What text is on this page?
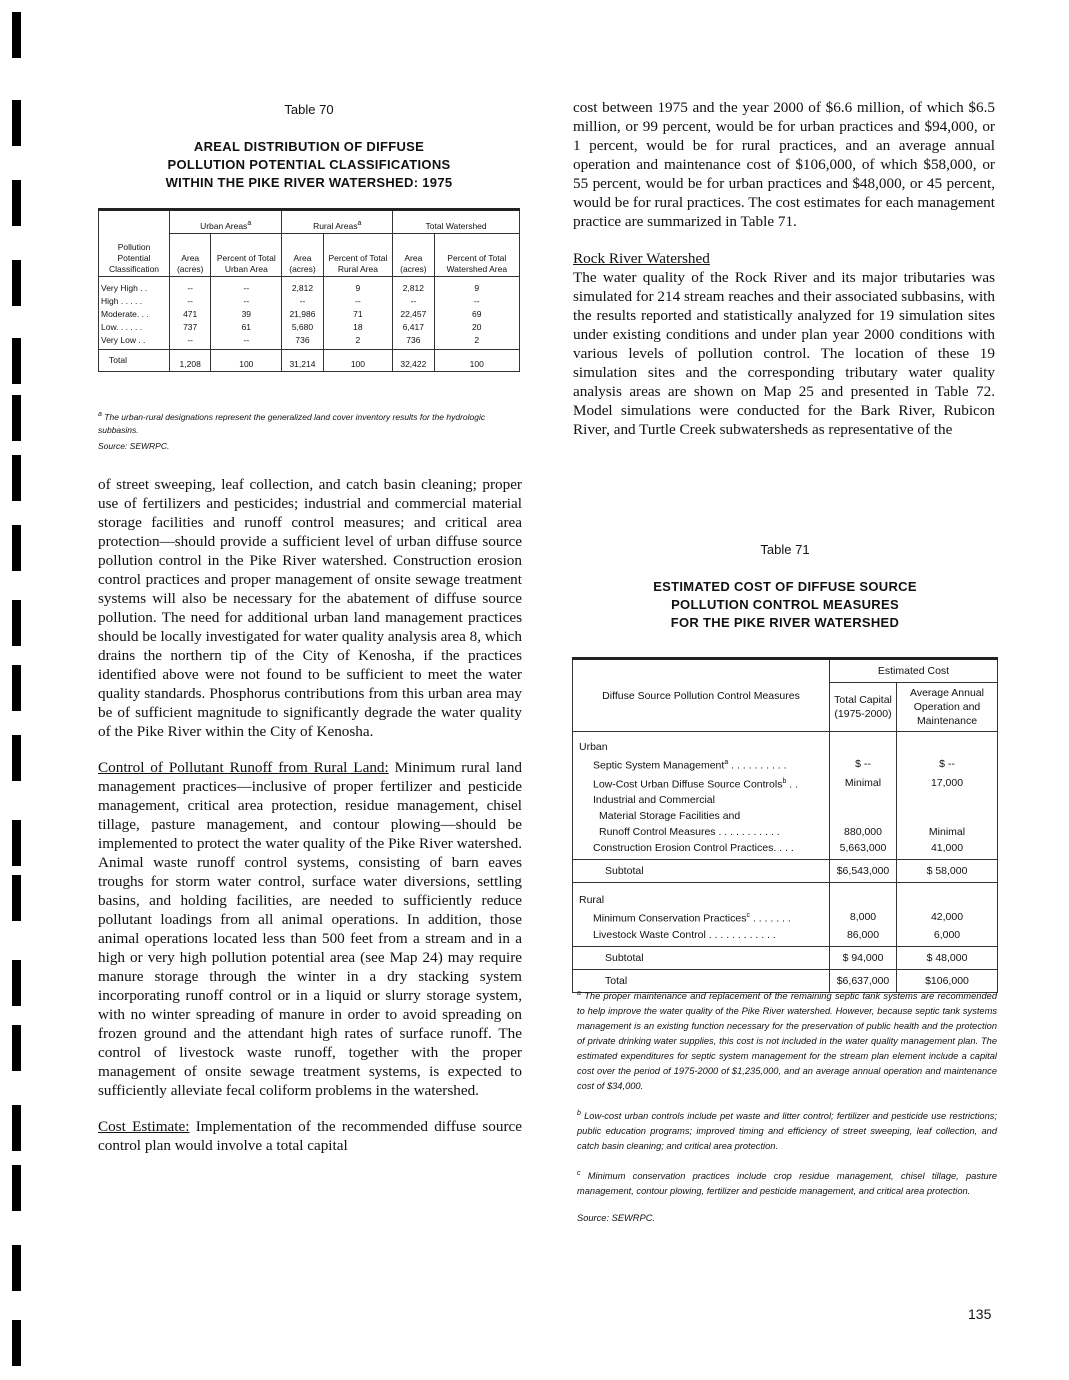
Table 70
AREAL DISTRIBUTION OF DIFFUSE
POLLUTION POTENTIAL CLASSIFICATIONS
WITHIN THE PIKE RIVER WATERSHED: 1975
Pollution Potential Classification	Urban Areas$^a$		Rural Areas$^a$		Total Watershed	
	Area (acres)	Percent of Total Urban Area	Area (acres)	Percent of Total Rural Area	Area (acres)	Percent of Total Watershed Area
Very High . .	--	--	2,812	9	2,812	9
High . . . . .	--	--	--	--	--	--
Moderate. . .	471	39	21,986	71	22,457	69
Low. . . . . .	737	61	5,680	18	6,417	20
Very Low . .	--	--	736	2	736	2
Total	1,208	100	31,214	100	32,422	100
$^a$ The urban-rural designations represent the generalized land cover inventory results for the hydrologic subbasins.
Source: SEWRPC.

of street sweeping, leaf collection, and catch basin cleaning; proper use of fertilizers and pesticides; industrial and commercial material storage facilities and runoff control measures; and critical area protection—should provide a sufficient level of urban diffuse source pollution control in the Pike River watershed. Construction erosion control practices and proper management of onsite sewage treatment systems will also be necessary for the abatement of diffuse source pollution. The need for additional urban land management practices should be locally investigated for water quality analysis area 8, which drains the northern tip of the City of Kenosha, if the practices identified above were not found to be sufficient to meet the water quality standards. Phosphorus contributions from this urban area may be of sufficient magnitude to significantly degrade the water quality of the Pike River within the City of Kenosha.

Control of Pollutant Runoff from Rural Land: Minimum rural land management practices—inclusive of proper fertilizer and pesticide management, critical area protection, residue management, chisel tillage, pasture management, and contour plowing—should be implemented to protect the water quality of the Pike River watershed. Animal waste runoff control systems, consisting of barn eaves troughs for storm water control, surface water diversions, settling basins, and holding facilities, are needed to sufficiently reduce pollutant loadings from all animal operations. In addition, those animal operations located less than 500 feet from a stream and in a high or very high pollution potential area (see Map 24) may require manure storage through the winter in a dry stacking system incorporating runoff control or in a liquid or slurry storage system, with no winter spreading of manure in order to avoid spreading on frozen ground and the attendant high rates of surface runoff. The control of livestock waste runoff, together with the proper management of onsite sewage treatment systems, is expected to sufficiently alleviate fecal coliform problems in the watershed.

Cost Estimate: Implementation of the recommended diffuse source control plan would involve a total capital

cost between 1975 and the year 2000 of $6.6 million, of which $6.5 million, or 99 percent, would be for urban practices and $94,000, or 1 percent, would be for rural practices, and an average annual operation and maintenance cost of $106,000, of which $58,000, or 55 percent, would be for urban practices and $48,000, or 45 percent, would be for rural practices. The cost estimates for each management practice are summarized in Table 71.

Rock River Watershed

The water quality of the Rock River and its major tributaries was simulated for 214 stream reaches and their associated subbasins, with the results reported and statistically analyzed for 19 simulation sites under existing conditions and under plan year 2000 conditions with various levels of pollution control. The location of these 19 simulation sites and the corresponding tributary water quality analysis areas are shown on Map 25 and presented in Table 72. Model simulations were conducted for the Bark River, Rubicon River, and Turtle Creek subwatersheds as representative of the

Table 71
ESTIMATED COST OF DIFFUSE SOURCE
POLLUTION CONTROL MEASURES
FOR THE PIKE RIVER WATERSHED
Diffuse Source Pollution Control Measures	Estimated Cost	
	Total Capital (1975-2000)	Average Annual Operation and Maintenance
Urban		
Septic System Management$^a$ . . . . . . . . . .	$ --	$ --
Low-Cost Urban Diffuse Source Controls$^b$ . .	Minimal	17,000
Industrial and Commercial		
Material Storage Facilities and		
Runoff Control Measures . . . . . . . . . . .	880,000	Minimal
Construction Erosion Control Practices. . . .	5,663,000	41,000
Subtotal	$6,543,000	$ 58,000
Rural		
Minimum Conservation Practices$^c$ . . . . . . .	8,000	42,000
Livestock Waste Control . . . . . . . . . . . .	86,000	6,000
Subtotal	$ 94,000	$ 48,000
Total	$6,637,000	$106,000

$^a$ The proper maintenance and replacement of the remaining septic tank systems are recommended to help improve the water quality of the Pike River watershed. However, because septic tank systems management is an existing function necessary for the preservation of public health and the protection of private drinking water supplies, this cost is not included in the water quality management plan. The estimated expenditures for septic system management for the stream plan element include a capital cost over the period of 1975-2000 of $1,235,000, and an average annual operation and maintenance cost of $34,000.

$^b$ Low-cost urban controls include pet waste and litter control; fertilizer and pesticide use restrictions; public education programs; improved timing and efficiency of street sweeping, leaf collection, and catch basin cleaning; and critical area protection.

$^c$ Minimum conservation practices include crop residue management, chisel tillage, pasture management, contour plowing, fertilizer and pesticide management, and critical area protection.

Source: SEWRPC.

135
